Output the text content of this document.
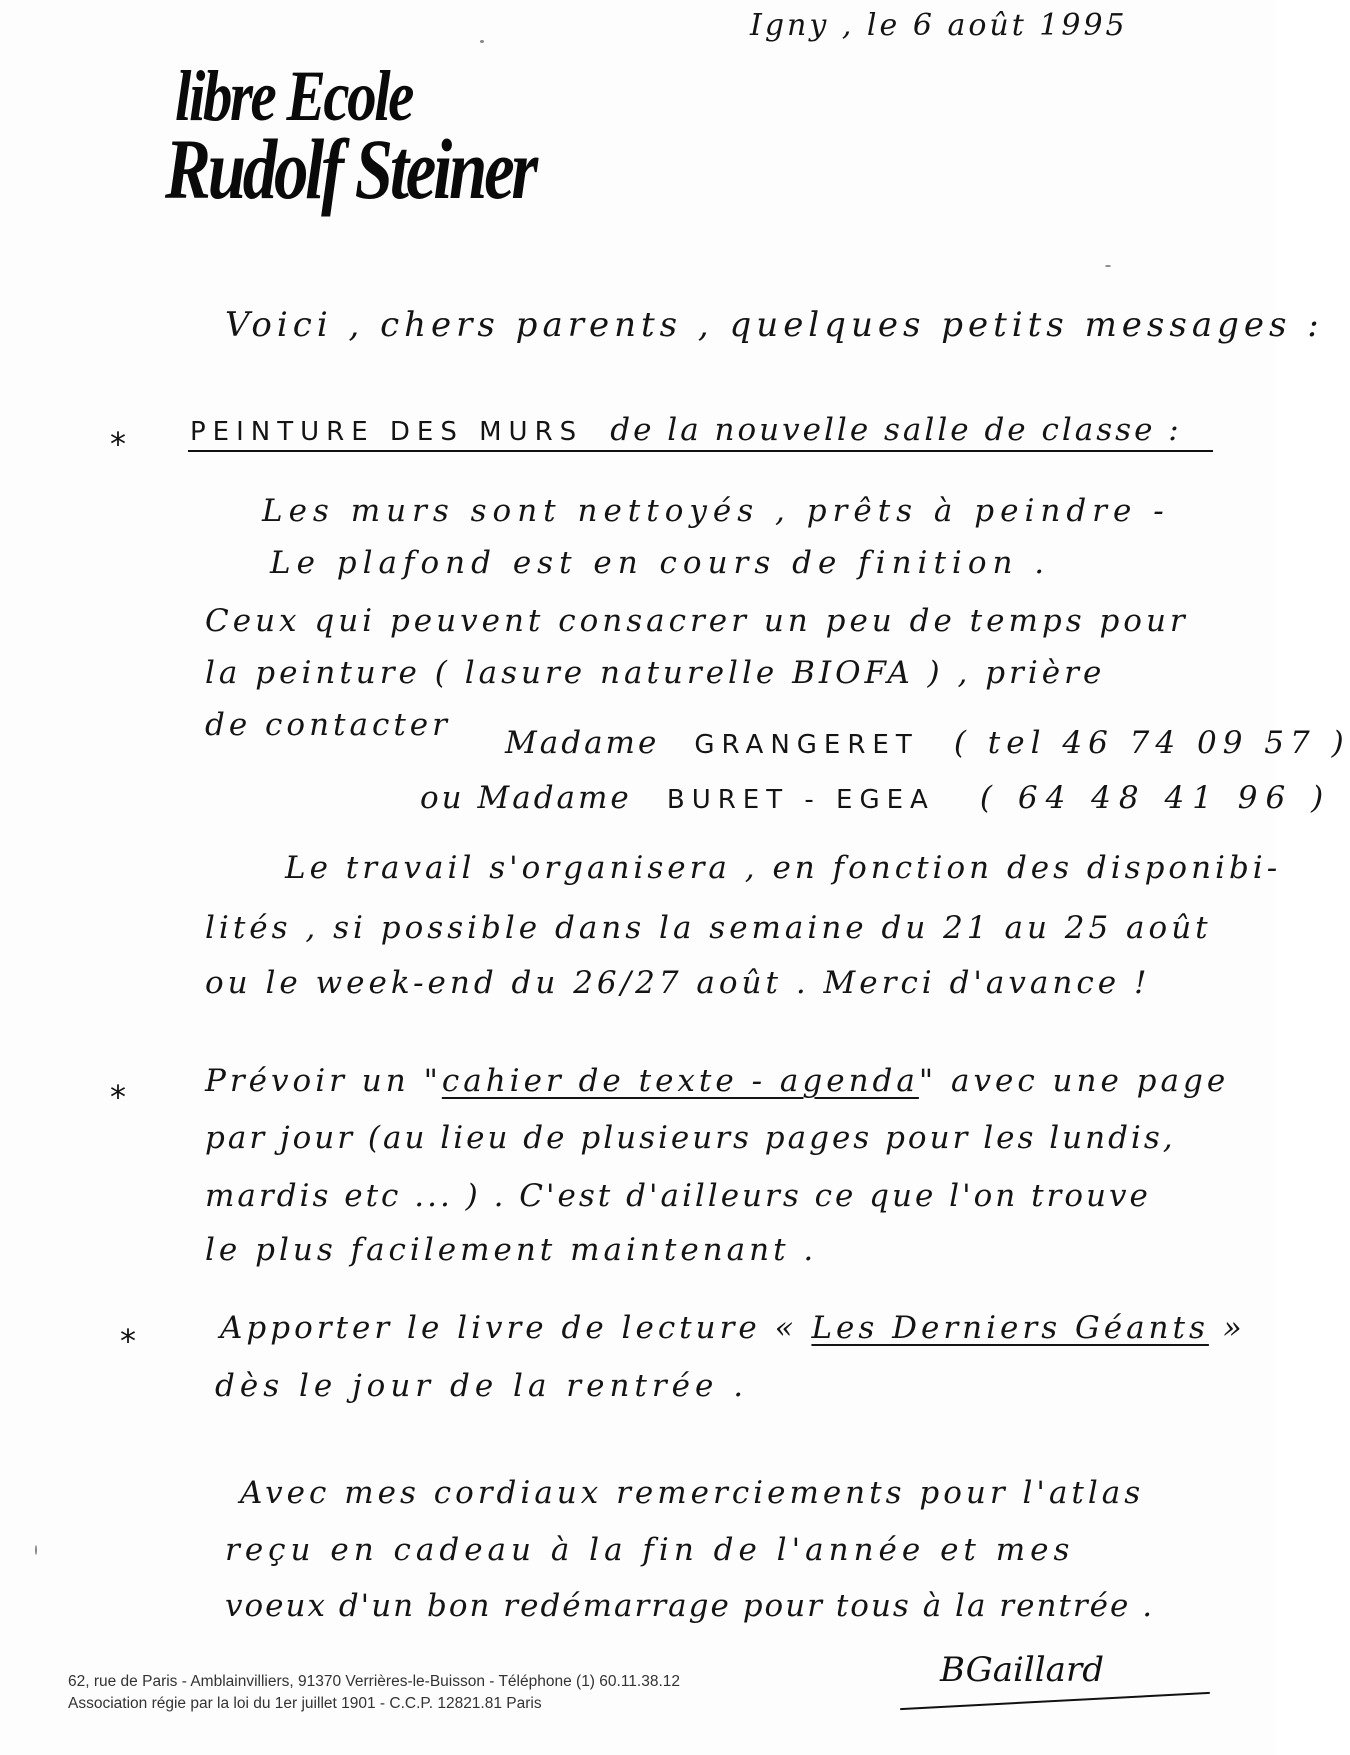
Igny , le 6 août 1995
libre Ecole
Rudolf Steiner
Voici , chers parents , quelques petits messages :
* PEINTURE DES MURS de la nouvelle salle de classe :
Les murs sont nettoyés , prêts à peindre -
Le plafond est en cours de finition .
Ceux qui peuvent consacrer un peu de temps pour
la peinture ( lasure naturelle BIOFA ) , prière
de contacter Madame GRANGERET ( tel 46 74 09 57 )
ou Madame BURET - EGEA ( 64 48 41 96 )
Le travail s'organisera , en fonction des disponibi-
lités , si possible dans la semaine du 21 au 25 août
ou le week-end du 26/27 août . Merci d'avance !
*	Prévoir un "cahier de texte - agenda" avec une page
par jour (au lieu de plusieurs pages pour les lundis,
mardis etc ... ) . C'est d'ailleurs ce que l'on trouve
le plus facilement maintenant .
*	Apporter le livre de lecture « Les Derniers Géants »
dès le jour de la rentrée .
Avec mes cordiaux remerciements pour l'atlas
reçu en cadeau à la fin de l'année et mes
voeux d'un bon redémarrage pour tous à la rentrée .
BGaillard
62, rue de Paris - Amblainvilliers, 91370 Verrières-le-Buisson - Téléphone (1) 60.11.38.12
Association régie par la loi du 1er juillet 1901 - C.C.P. 12821.81 Paris
